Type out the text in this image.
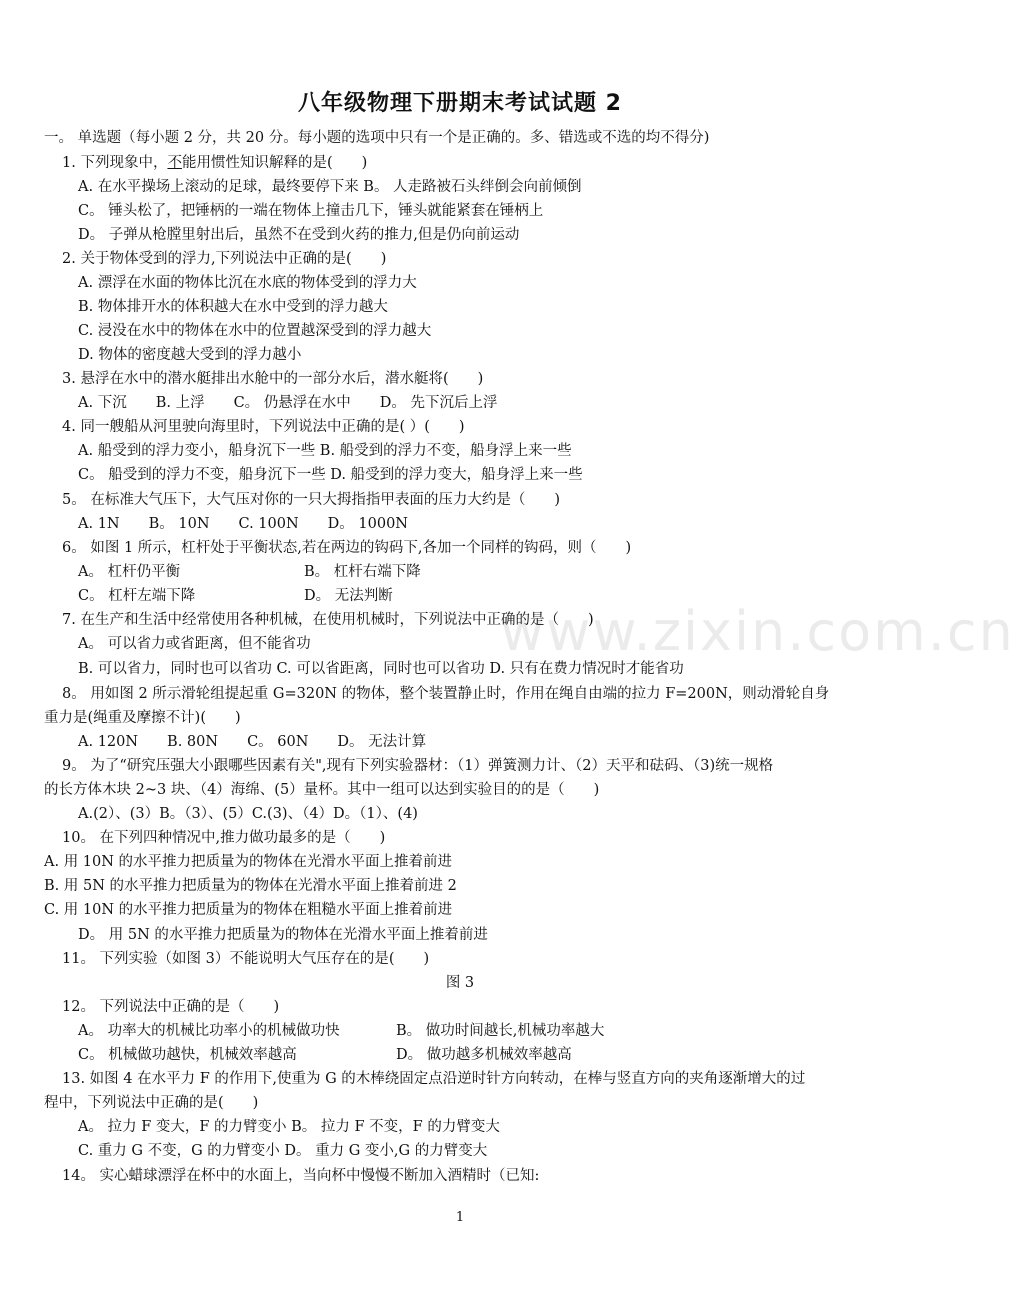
www.zixin.com.cn
八年级物理下册期末考试试题 2
一。 单选题（每小题 2 分，共 20 分。每小题的选项中只有一个是正确的。多、错选或不选的均不得分)
1. 下列现象中，不能用惯性知识解释的是(　　)
A. 在水平操场上滚动的足球，最终要停下来 B。 人走路被石头绊倒会向前倾倒
C。 锤头松了，把锤柄的一端在物体上撞击几下，锤头就能紧套在锤柄上
D。 子弹从枪膛里射出后，虽然不在受到火药的推力,但是仍向前运动
2. 关于物体受到的浮力,下列说法中正确的是(　　)
A. 漂浮在水面的物体比沉在水底的物体受到的浮力大
B. 物体排开水的体积越大在水中受到的浮力越大
C. 浸没在水中的物体在水中的位置越深受到的浮力越大
D. 物体的密度越大受到的浮力越小
3. 悬浮在水中的潜水艇排出水舱中的一部分水后，潜水艇将(　　)
A. 下沉　　B. 上浮　　C。 仍悬浮在水中　　D。 先下沉后上浮
4. 同一艘船从河里驶向海里时，下列说法中正确的是( ）(　　)
A. 船受到的浮力变小，船身沉下一些 B. 船受到的浮力不变，船身浮上来一些
C。 船受到的浮力不变，船身沉下一些 D. 船受到的浮力变大，船身浮上来一些
5。 在标准大气压下，大气压对你的一只大拇指指甲表面的压力大约是（　　)
A. 1N　　B。 10N　　C. 100N　　D。 1000N
6。 如图 1 所示，杠杆处于平衡状态,若在两边的钩码下,各加一个同样的钩码，则（　　)
A。 杠杆仍平衡	B。 杠杆右端下降
C。 杠杆左端下降	D。 无法判断
7. 在生产和生活中经常使用各种机械，在使用机械时，下列说法中正确的是（　　)
A。 可以省力或省距离，但不能省功
B. 可以省力，同时也可以省功 C. 可以省距离，同时也可以省功 D. 只有在费力情况时才能省功
8。 用如图 2 所示滑轮组提起重 G=320N 的物体，整个装置静止时，作用在绳自由端的拉力 F=200N，则动滑轮自身
重力是(绳重及摩擦不计)(　　)
A. 120N　　B. 80N　　C。 60N　　D。 无法计算
9。 为了“研究压强大小跟哪些因素有关",现有下列实验器材：（1）弹簧测力计、（2）天平和砝码、（3)统一规格
的长方体木块 2~3 块、（4）海绵、(5）量杯。其中一组可以达到实验目的的是（　　)
A.(2）、(3）B。（3）、(5）C.(3)、（4）D。（1）、(4)
10。 在下列四种情况中,推力做功最多的是（　　)
A. 用 10N 的水平推力把质量为的物体在光滑水平面上推着前进
B. 用 5N 的水平推力把质量为的物体在光滑水平面上推着前进 2
C. 用 10N 的水平推力把质量为的物体在粗糙水平面上推着前进
D。 用 5N 的水平推力把质量为的物体在光滑水平面上推着前进
11。 下列实验（如图 3）不能说明大气压存在的是(　　)
图 3
12。 下列说法中正确的是（　　)
A。 功率大的机械比功率小的机械做功快	B。 做功时间越长,机械功率越大
C。 机械做功越快，机械效率越高	D。 做功越多机械效率越高
13. 如图 4 在水平力 F 的作用下,使重为 G 的木棒绕固定点沿逆时针方向转动，在棒与竖直方向的夹角逐渐增大的过
程中，下列说法中正确的是(　　)
A。 拉力 F 变大，F 的力臂变小 B。 拉力 F 不变，F 的力臂变大
C. 重力 G 不变，G 的力臂变小 D。 重力 G 变小,G 的力臂变大
14。 实心蜡球漂浮在杯中的水面上，当向杯中慢慢不断加入酒精时（已知:
1
